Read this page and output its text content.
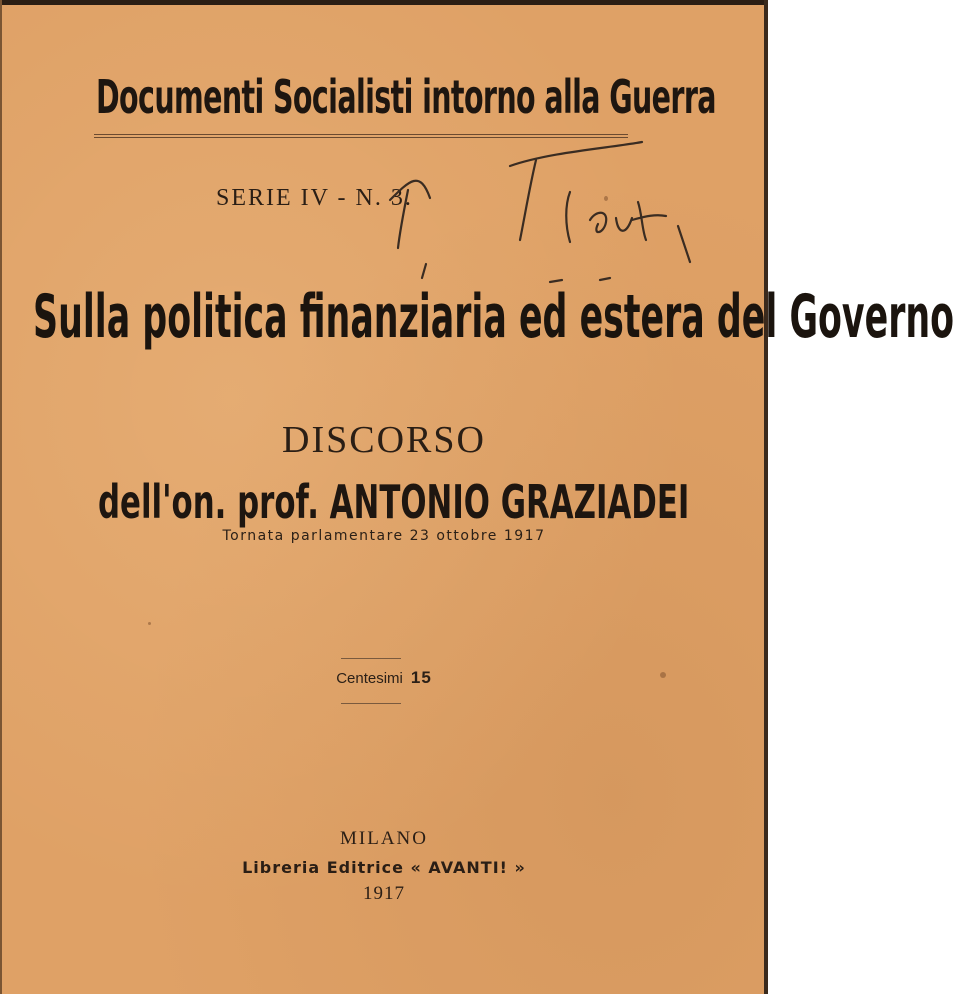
Documenti Socialisti intorno alla Guerra
SERIE IV - N. 3.
Sulla politica finanziaria ed estera del Governo
DISCORSO
dell'on. prof. ANTONIO GRAZIADEI
Tornata parlamentare 23 ottobre 1917
Centesimi 15
MILANO
Libreria Editrice « AVANTI! »
1917
